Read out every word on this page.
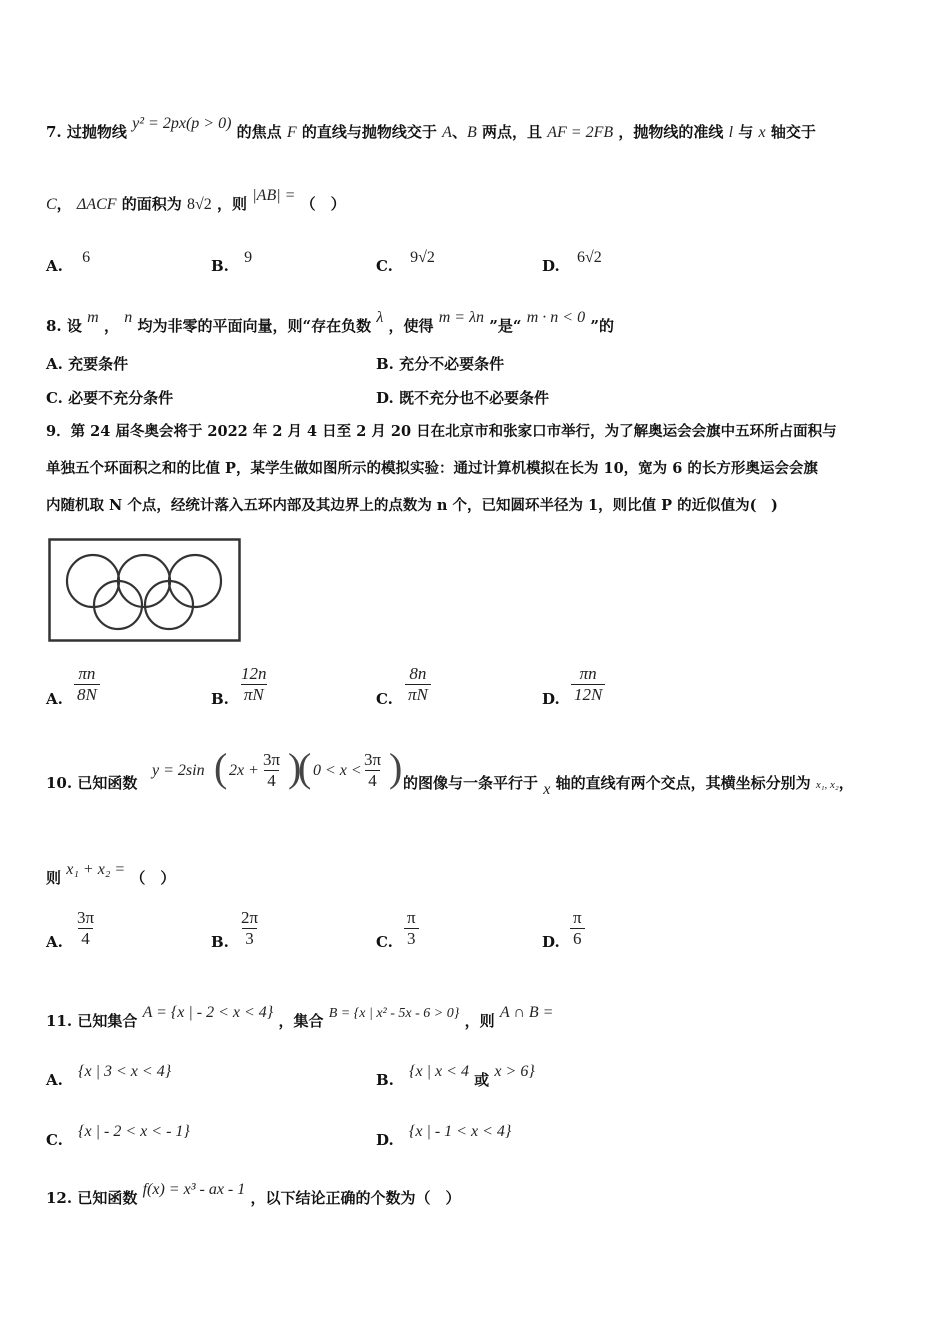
7. 过抛物线 y² = 2px(p > 0) 的焦点 F 的直线与抛物线交于 A、B 两点，且 AF = 2FB ，抛物线的准线 l 与 x 轴交于
C， ΔACF 的面积为 8√2 ，则 |AB| = （　）
A. 6	B. 9	C. 9√2	D. 6√2
8. 设 m ， n 均为非零的平面向量，则“存在负数 λ ，使得 m = λn ”是“ m · n < 0 ”的
A. 充要条件	B. 充分不必要条件
C. 必要不充分条件	D. 既不充分也不必要条件
9．第 24 届冬奥会将于 2022 年 2 月 4 日至 2 月 20 日在北京市和张家口市举行，为了解奥运会会旗中五环所占面积与
单独五个环面积之和的比值 P，某学生做如图所示的模拟实验：通过计算机模拟在长为 10，宽为 6 的长方形奥运会会旗
内随机取 N 个点，经统计落入五环内部及其边界上的点数为 n 个，已知圆环半径为 1，则比值 P 的近似值为(　)
A. $\frac{\pi n}{8N}$	B. $\frac{12n}{\pi N}$	C. $\frac{8n}{\pi N}$	D. $\frac{\pi n}{12N}$
10. 已知函数
y = 2sin ( $2x + \frac{3\pi}{4}$ )
( $0 < x < \frac{3\pi}{4}$ ) 的图像与一条平行于 x 轴的直线有两个交点，其横坐标分别为 x₁, x₂，
则 x₁ + x₂ = （　）
A. $\frac{3\pi}{4}$	B. $\frac{2\pi}{3}$	C. $\frac{\pi}{3}$	D. $\frac{\pi}{6}$
11. 已知集合 A = {x | - 2 < x < 4} ，集合 B = {x | x² - 5x - 6 > 0} ，则 A ∩ B =
A. {x | 3 < x < 4}	B. {x | x < 4 或 x > 6}
C. {x | - 2 < x < - 1}	D. {x | - 1 < x < 4}
12. 已知函数 f(x) = x³ - ax - 1 ，以下结论正确的个数为（　）
